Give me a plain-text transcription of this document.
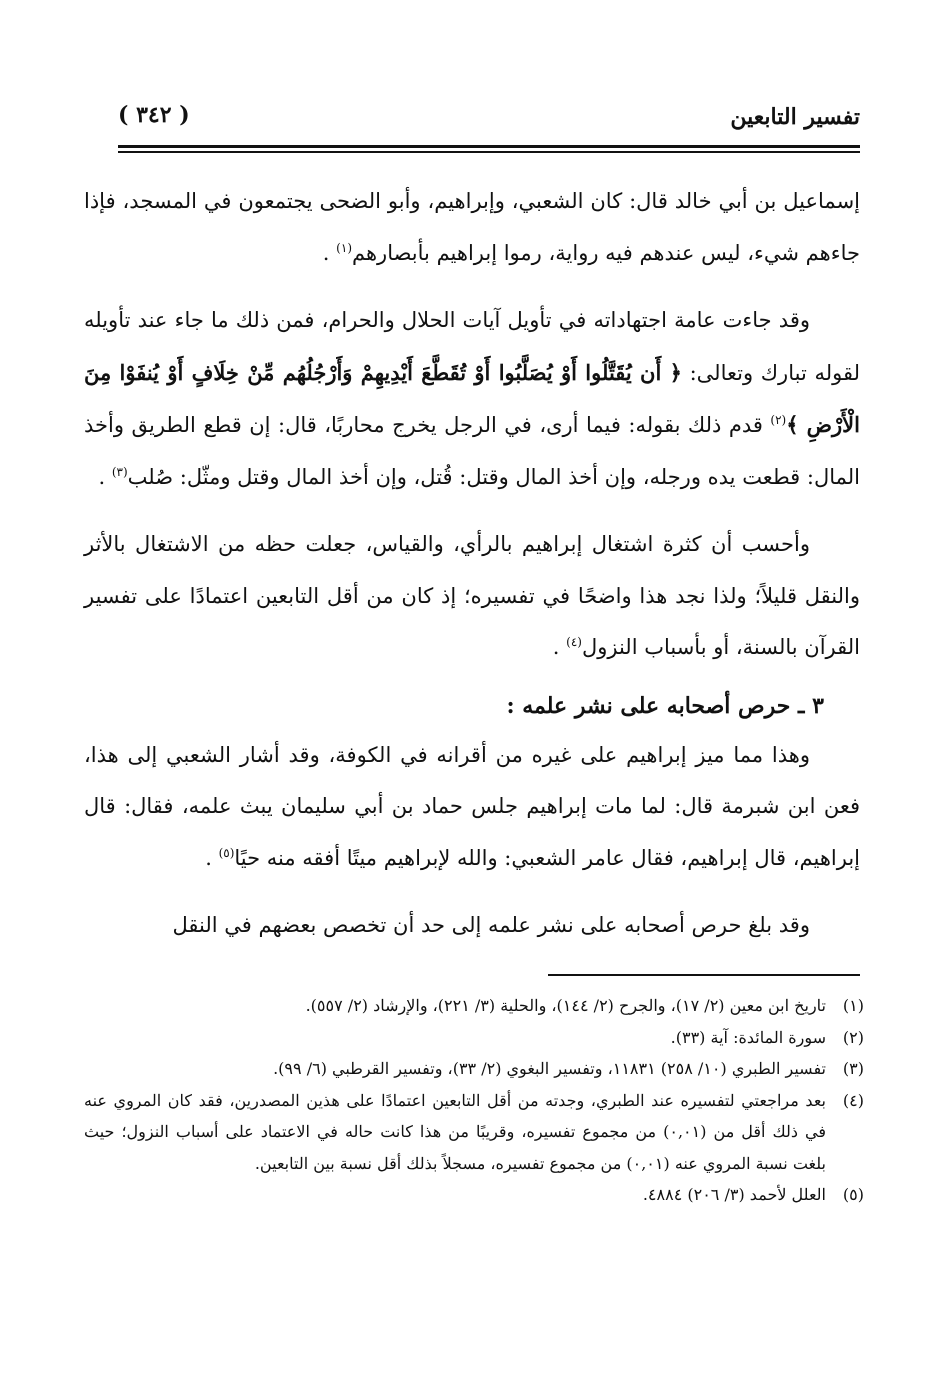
تفسير التابعين
( ٣٤٢ )

إسماعيل بن أبي خالد قال: كان الشعبي، وإبراهيم، وأبو الضحى يجتمعون في المسجد، فإذا جاءهم شيء، ليس عندهم فيه رواية، رموا إبراهيم بأبصارهم$^{(١)}$ .

وقد جاءت عامة اجتهاداته في تأويل آيات الحلال والحرام، فمن ذلك ما جاء عند تأويله لقوله تبارك وتعالى: ﴿ أَن يُقَتَّلُوا أَوْ يُصَلَّبُوا أَوْ تُقَطَّعَ أَيْدِيهِمْ وَأَرْجُلُهُم مِّنْ خِلَافٍ أَوْ يُنفَوْا مِنَ الْأَرْضِ ﴾$^{(٢)}$ قدم ذلك بقوله: فيما أرى، في الرجل يخرج محاربًا، قال: إن قطع الطريق وأخذ المال: قطعت يده ورجله، وإن أخذ المال وقتل: قُتل، وإن أخذ المال وقتل ومثّل: صُلب$^{(٣)}$ .

وأحسب أن كثرة اشتغال إبراهيم بالرأي، والقياس، جعلت حظه من الاشتغال بالأثر والنقل قليلاً؛ ولذا نجد هذا واضحًا في تفسيره؛ إذ كان من أقل التابعين اعتمادًا على تفسير القرآن بالسنة، أو بأسباب النزول$^{(٤)}$ .

٣ ـ حرص أصحابه على نشر علمه :

وهذا مما ميز إبراهيم على غيره من أقرانه في الكوفة، وقد أشار الشعبي إلى هذا، فعن ابن شبرمة قال: لما مات إبراهيم جلس حماد بن أبي سليمان يبث علمه، فقال: قال إبراهيم، قال إبراهيم، فقال عامر الشعبي: والله لإبراهيم ميتًا أفقه منه حيًا$^{(٥)}$ .

وقد بلغ حرص أصحابه على نشر علمه إلى حد أن تخصص بعضهم في النقل

(١)
تاريخ ابن معين (٢/ ١٧)، والجرح (٢/ ١٤٤)، والحلية (٣/ ٢٢١)، والإرشاد (٢/ ٥٥٧).

(٢)
سورة المائدة: آية (٣٣).

(٣)
تفسير الطبري (١٠/ ٢٥٨) ١١٨٣١، وتفسير البغوي (٢/ ٣٣)، وتفسير القرطبي (٦/ ٩٩).

(٤)
بعد مراجعتي لتفسيره عند الطبري، وجدته من أقل التابعين اعتمادًا على هذين المصدرين، فقد كان المروي عنه في ذلك أقل من (٠,٠١) من مجموع تفسيره، وقريبًا من هذا كانت حاله في الاعتماد على أسباب النزول؛ حيث بلغت نسبة المروي عنه (٠,٠١) من مجموع تفسيره، مسجلاً بذلك أقل نسبة بين التابعين.

(٥)
العلل لأحمد (٣/ ٢٠٦) ٤٨٨٤.
